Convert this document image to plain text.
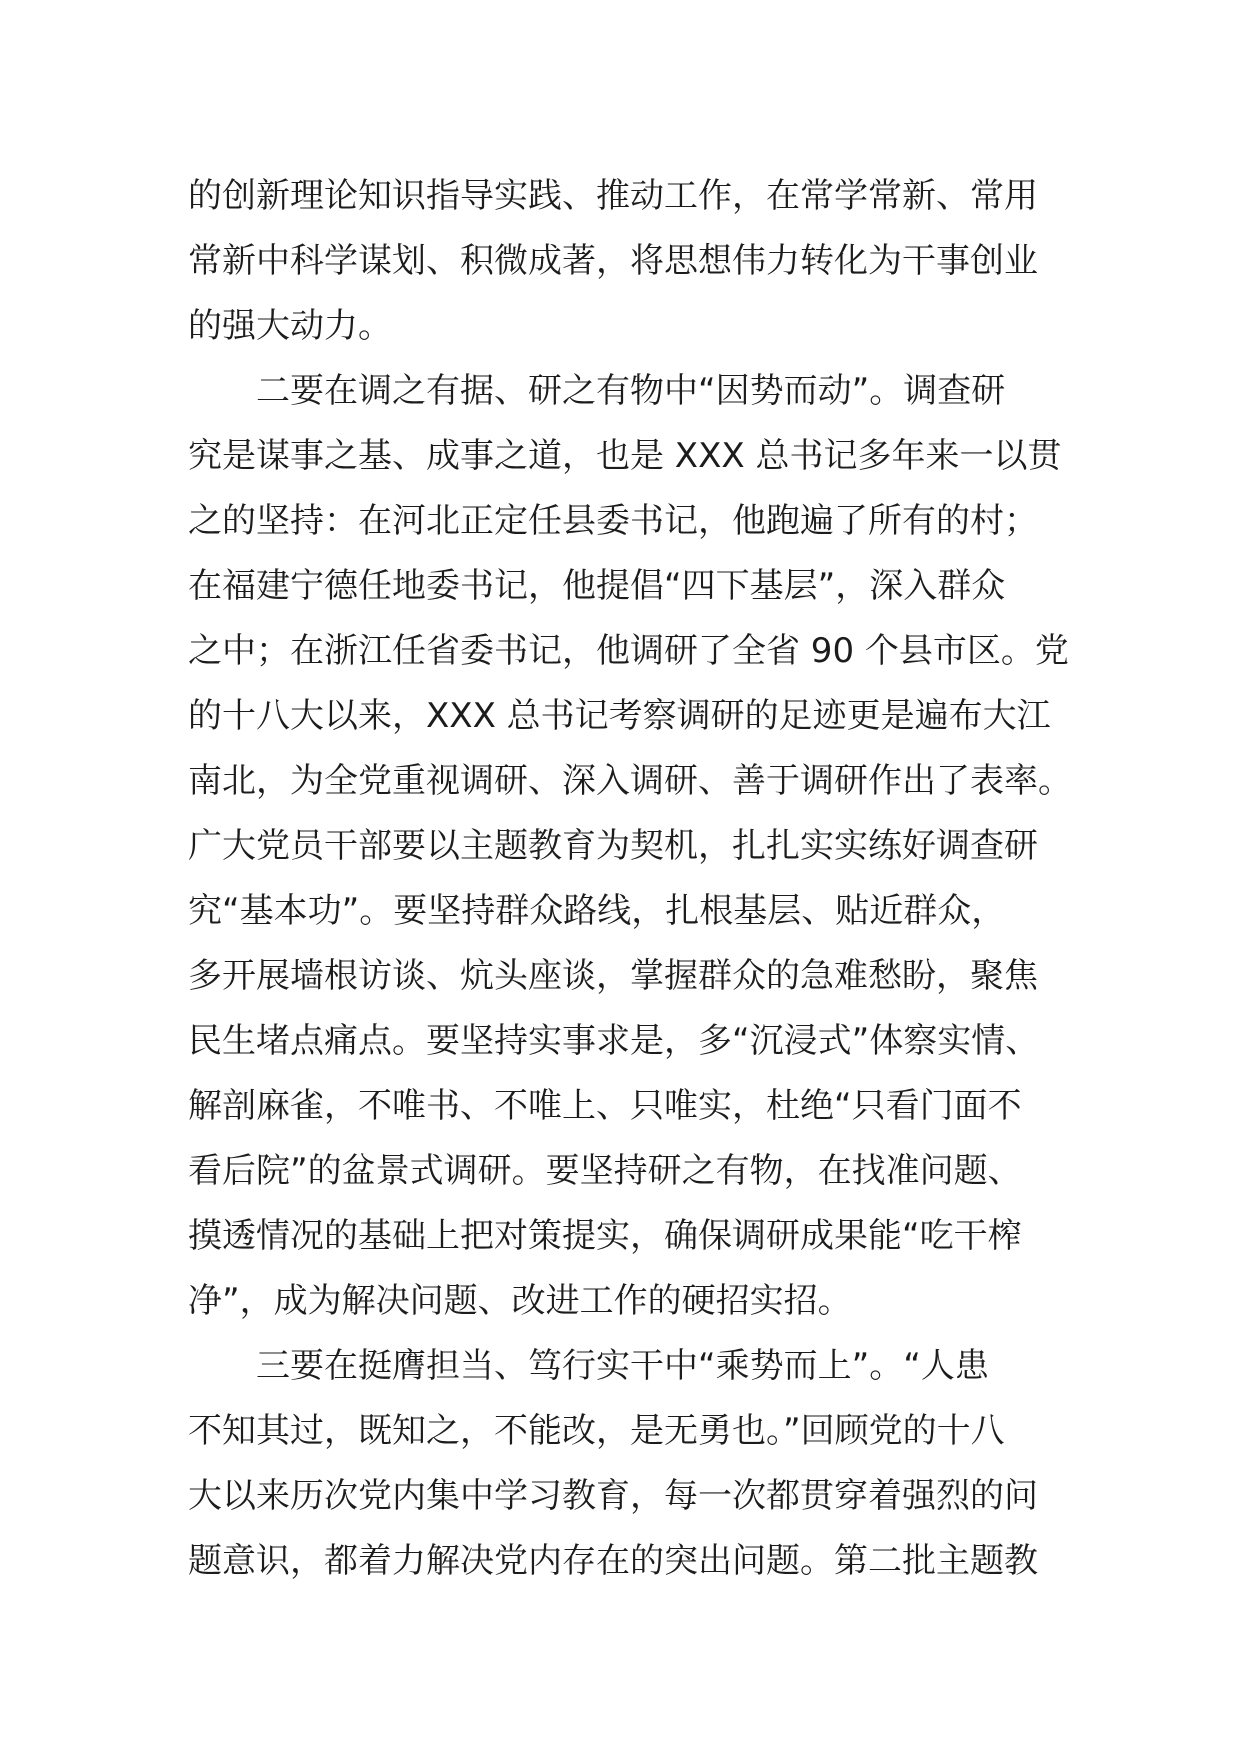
的创新理论知识指导实践、推动工作，在常学常新、常用
常新中科学谋划、积微成著，将思想伟力转化为干事创业
的强大动力。
二要在调之有据、研之有物中“因势而动”。调查研
究是谋事之基、成事之道，也是 XXX 总书记多年来一以贯
之的坚持：在河北正定任县委书记，他跑遍了所有的村；
在福建宁德任地委书记，他提倡“四下基层”，深入群众
之中；在浙江任省委书记，他调研了全省 90 个县市区。党
的十八大以来，XXX 总书记考察调研的足迹更是遍布大江
南北，为全党重视调研、深入调研、善于调研作出了表率。
广大党员干部要以主题教育为契机，扎扎实实练好调查研
究“基本功”。要坚持群众路线，扎根基层、贴近群众，
多开展墙根访谈、炕头座谈，掌握群众的急难愁盼，聚焦
民生堵点痛点。要坚持实事求是，多“沉浸式”体察实情、
解剖麻雀，不唯书、不唯上、只唯实，杜绝“只看门面不
看后院”的盆景式调研。要坚持研之有物，在找准问题、
摸透情况的基础上把对策提实，确保调研成果能“吃干榨
净”，成为解决问题、改进工作的硬招实招。
三要在挺膺担当、笃行实干中“乘势而上”。“人患
不知其过，既知之，不能改，是无勇也。”回顾党的十八
大以来历次党内集中学习教育，每一次都贯穿着强烈的问
题意识，都着力解决党内存在的突出问题。第二批主题教
